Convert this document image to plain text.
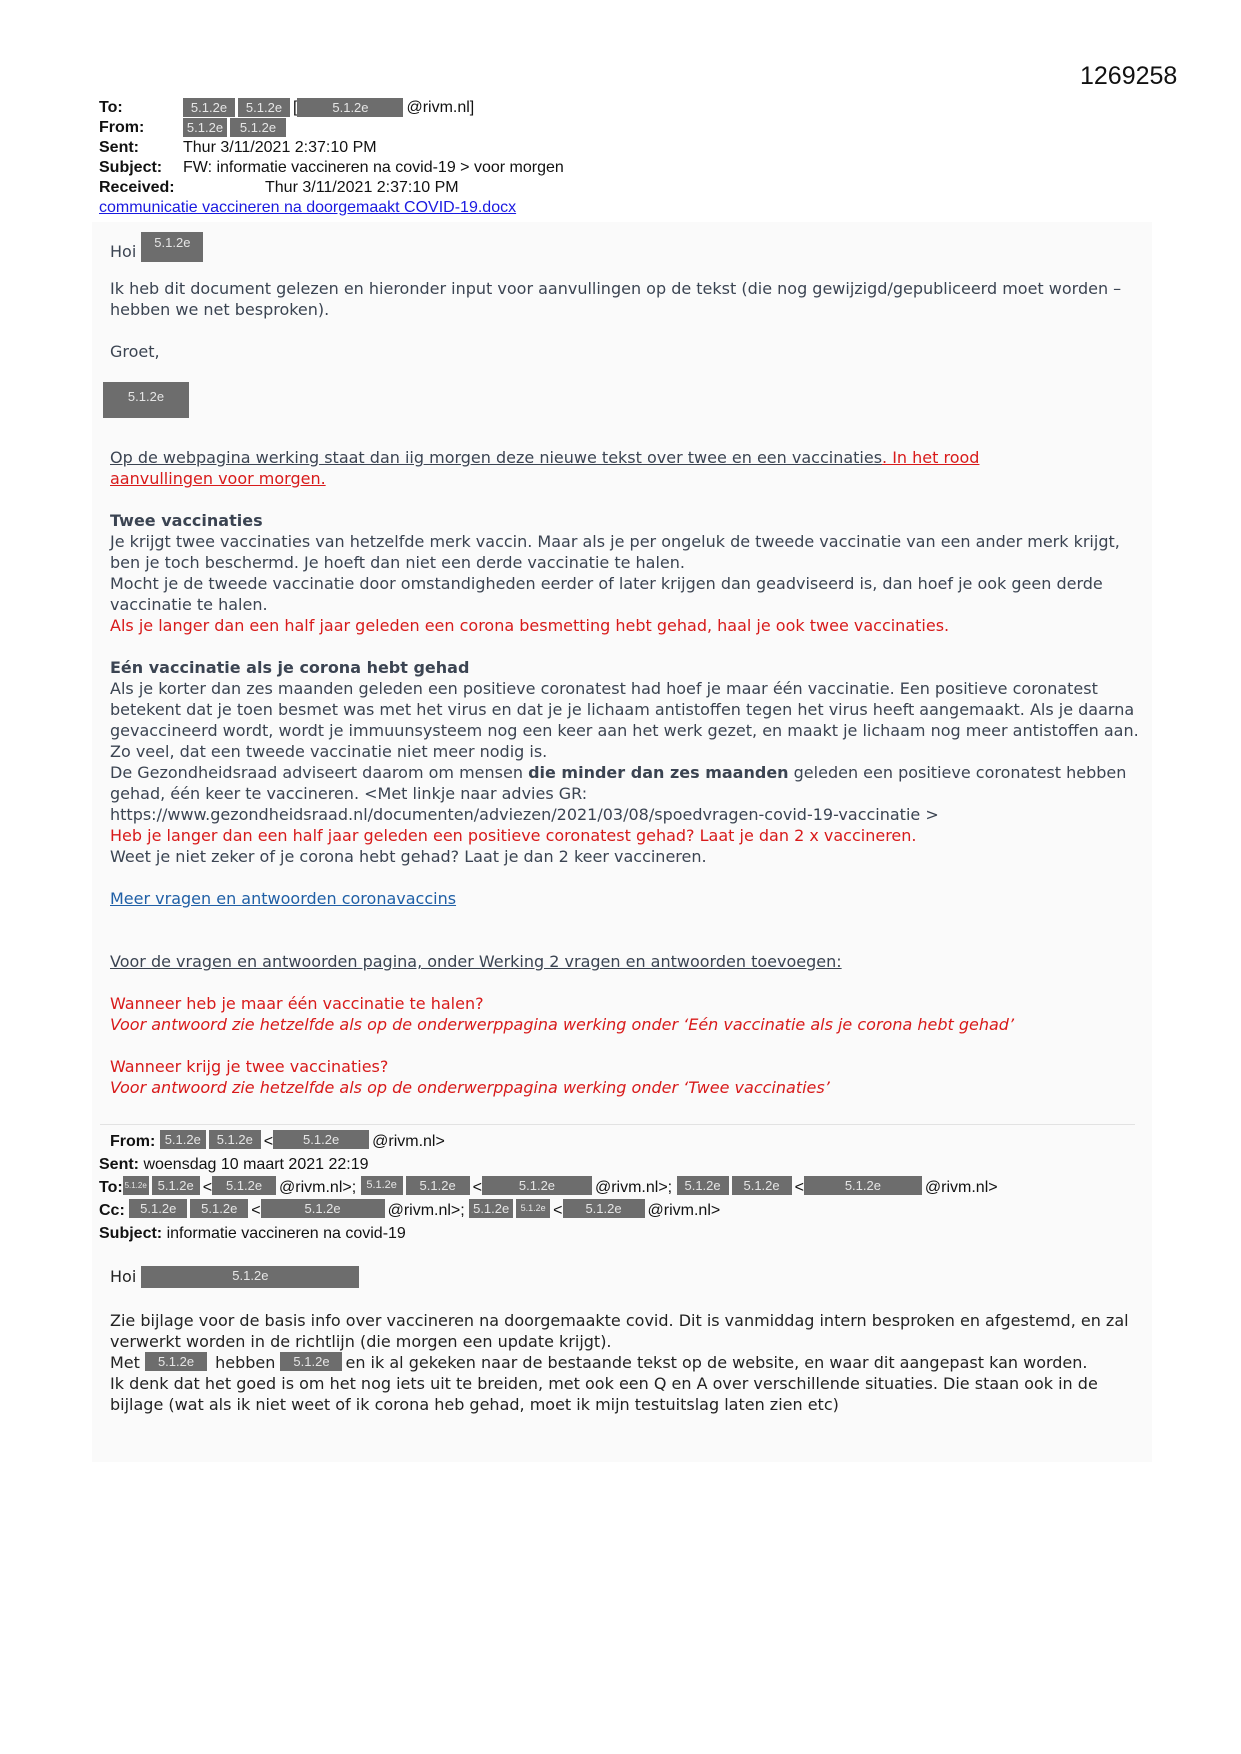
1269258
To:	5.1.2e 5.1.2e [	5.1.2e @rivm.nl]
From:	5.1.2e 5.1.2e
Sent:	Thur 3/11/2021 2:37:10 PM
Subject: FW: informatie vaccineren na covid-19 > voor morgen
Received:	Thur 3/11/2021 2:37:10 PM
communicatie vaccineren na doorgemaakt COVID-19.docx

Hoi 5.1.2e

Ik heb dit document gelezen en hieronder input voor aanvullingen op de tekst (die nog gewijzigd/gepubliceerd moet worden – hebben we net besproken).

Groet,

5.1.2e

Op de webpagina werking staat dan iig morgen deze nieuwe tekst over twee en een vaccinaties. In het rood aanvullingen voor morgen.

Twee vaccinaties

Je krijgt twee vaccinaties van hetzelfde merk vaccin. Maar als je per ongeluk de tweede vaccinatie van een ander merk krijgt, ben je toch beschermd. Je hoeft dan niet een derde vaccinatie te halen.

Mocht je de tweede vaccinatie door omstandigheden eerder of later krijgen dan geadviseerd is, dan hoef je ook geen derde vaccinatie te halen.

Als je langer dan een half jaar geleden een corona besmetting hebt gehad, haal je ook twee vaccinaties.

Eén vaccinatie als je corona hebt gehad

Als je korter dan zes maanden geleden een positieve coronatest had hoef je maar één vaccinatie. Een positieve coronatest betekent dat je toen besmet was met het virus en dat je je lichaam antistoffen tegen het virus heeft aangemaakt. Als je daarna gevaccineerd wordt, wordt je immuunsysteem nog een keer aan het werk gezet, en maakt je lichaam nog meer antistoffen aan. Zo veel, dat een tweede vaccinatie niet meer nodig is.

De Gezondheidsraad adviseert daarom om mensen die minder dan zes maanden geleden een positieve coronatest hebben gehad, één keer te vaccineren. <Met linkje naar advies GR: https://www.gezondheidsraad.nl/documenten/adviezen/2021/03/08/spoedvragen-covid-19-vaccinatie >

Heb je langer dan een half jaar geleden een positieve coronatest gehad? Laat je dan 2 x vaccineren.

Weet je niet zeker of je corona hebt gehad? Laat je dan 2 keer vaccineren.

Meer vragen en antwoorden coronavaccins

Voor de vragen en antwoorden pagina, onder Werking 2 vragen en antwoorden toevoegen:

Wanneer heb je maar één vaccinatie te halen?

Voor antwoord zie hetzelfde als op de onderwerppagina werking onder ‘Eén vaccinatie als je corona hebt gehad’

Wanneer krijg je twee vaccinaties?

Voor antwoord zie hetzelfde als op de onderwerppagina werking onder ‘Twee vaccinaties’

From: 5.1.2e 5.1.2e < 5.1.2e @rivm.nl>
Sent: woensdag 10 maart 2021 22:19
To: 5.1.2e 5.1.2e < 5.1.2e @rivm.nl>; 5.1.2e 5.1.2e <	5.1.2e @rivm.nl>; 5.1.2e 5.1.2e <	5.1.2e	@rivm.nl>
Cc: 5.1.2e 5.1.2e <	5.1.2e	@rivm.nl>; 5.1.2e 5.1.2e < 5.1.2e @rivm.nl>
Subject: informatie vaccineren na covid-19

Hoi	5.1.2e

Zie bijlage voor de basis info over vaccineren na doorgemaakte covid. Dit is vanmiddag intern besproken en afgestemd, en zal verwerkt worden in de richtlijn (die morgen een update krijgt).

Met 5.1.2e hebben 5.1.2e en ik al gekeken naar de bestaande tekst op de website, en waar dit aangepast kan worden.

Ik denk dat het goed is om het nog iets uit te breiden, met ook een Q en A over verschillende situaties. Die staan ook in de bijlage (wat als ik niet weet of ik corona heb gehad, moet ik mijn testuitslag laten zien etc)
